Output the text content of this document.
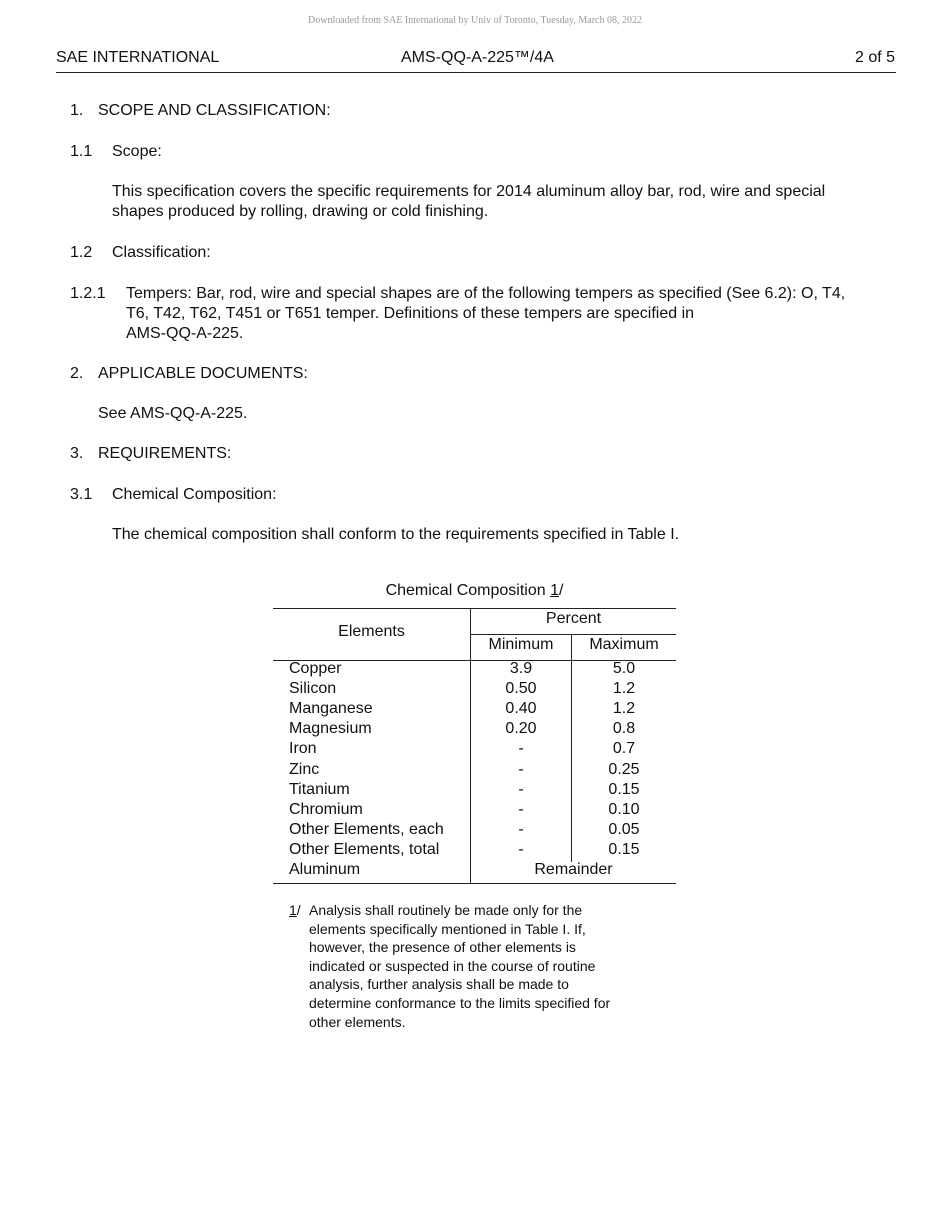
Downloaded from SAE International by Univ of Toronto, Tuesday, March 08, 2022
SAE INTERNATIONAL	AMS-QQ-A-225™/4A	2 of 5
1. SCOPE AND CLASSIFICATION:
1.1 Scope:
This specification covers the specific requirements for 2014 aluminum alloy bar, rod, wire and special
shapes produced by rolling, drawing or cold finishing.
1.2 Classification:
1.2.1 Tempers: Bar, rod, wire and special shapes are of the following tempers as specified (See 6.2): O, T4,
T6, T42, T62, T451 or T651 temper. Definitions of these tempers are specified in
AMS-QQ-A-225.
2. APPLICABLE DOCUMENTS:
See AMS-QQ-A-225.
3. REQUIREMENTS:
3.1 Chemical Composition:
The chemical composition shall conform to the requirements specified in Table I.
Chemical Composition 1/
Elements
Percent
Minimum	Maximum
Copper	3.9	5.0
Silicon	0.50	1.2
Manganese	0.40	1.2
Magnesium	0.20	0.8
Iron	-	0.7
Zinc	-	0.25
Titanium	-	0.15
Chromium	-	0.10
Other Elements, each	-	0.05
Other Elements, total	-	0.15
Aluminum	Remainder
1/ Analysis shall routinely be made only for the
elements specifically mentioned in Table I. If,
however, the presence of other elements is
indicated or suspected in the course of routine
analysis, further analysis shall be made to
determine conformance to the limits specified for
other elements.
